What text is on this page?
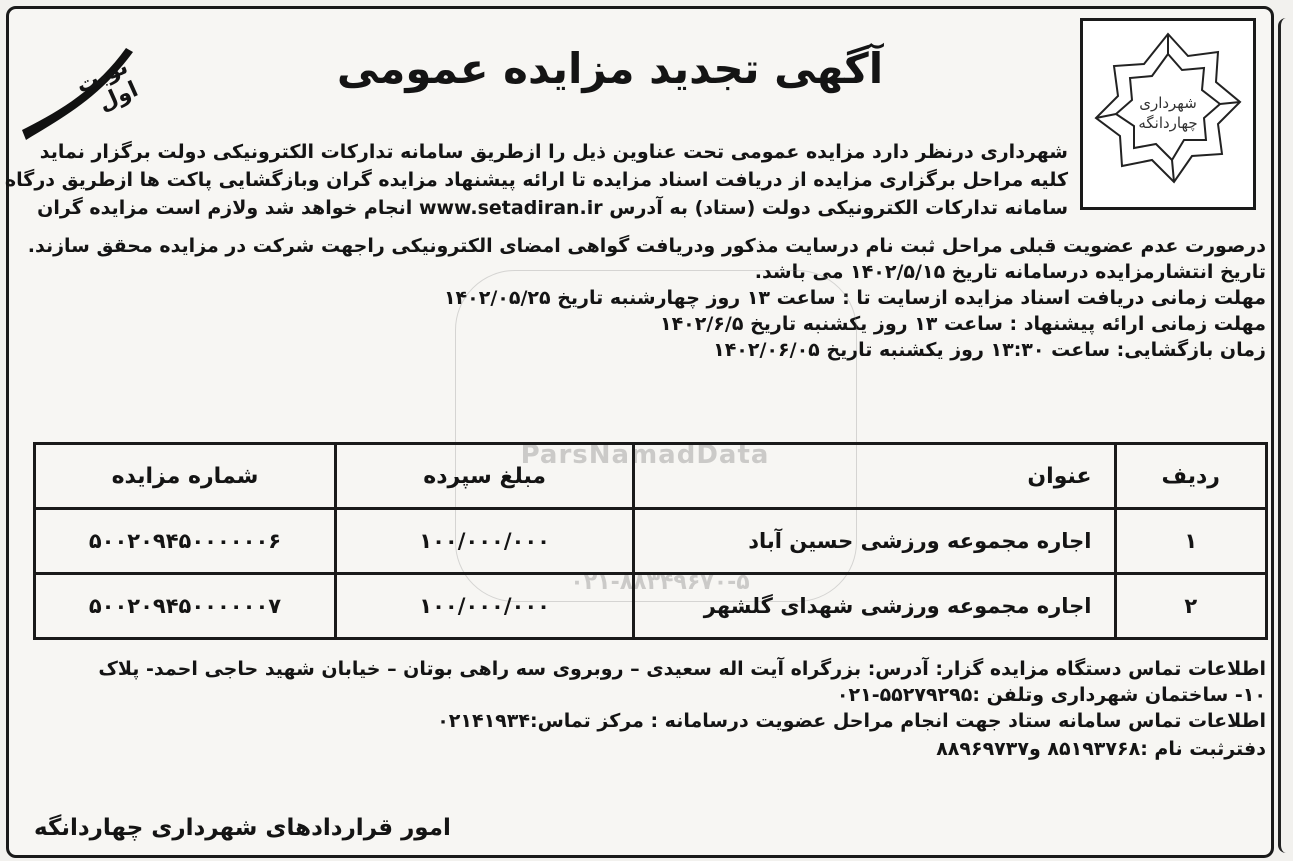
نوبت اول
آگهی تجدید مزایده عمومی
شهرداری
چهاردانگه
شهرداری درنظر دارد مزایده عمومی تحت عناوین ذیل را ازطریق سامانه تدارکات الکترونیکی دولت برگزار نماید
کلیه مراحل برگزاری مزایده از دریافت اسناد مزایده تا ارائه پیشنهاد مزایده گران وبازگشایی پاکت ها ازطریق درگاه
سامانه تدارکات الکترونیکی دولت (ستاد) به آدرس www.setadiran.ir انجام خواهد شد ولازم است مزایده گران
درصورت عدم عضویت قبلی مراحل ثبت نام درسایت مذکور ودریافت گواهی امضای الکترونیکی راجهت شرکت در مزایده محقق سازند.
تاریخ انتشارمزایده درسامانه تاریخ ۱۴۰۲/۵/۱۵ می باشد.
مهلت زمانی دریافت اسناد مزایده ازسایت تا : ساعت ۱۳ روز چهارشنبه تاریخ ۱۴۰۲/۰۵/۲۵
مهلت زمانی ارائه پیشنهاد : ساعت ۱۳ روز یکشنبه تاریخ ۱۴۰۲/۶/۵
زمان بازگشایی: ساعت ۱۳:۳۰ روز یکشنبه تاریخ ۱۴۰۲/۰۶/۰۵
ParsNamadData
۰۲۱-۸۸۳۴۹۶۷۰-۵
ردیف	عنوان	مبلغ سپرده	شماره مزایده
۱	اجاره مجموعه ورزشی حسین آباد	۱۰۰/۰۰۰/۰۰۰	۵۰۰۲۰۹۴۵۰۰۰۰۰۰۶
۲	اجاره مجموعه ورزشی شهدای گلشهر	۱۰۰/۰۰۰/۰۰۰	۵۰۰۲۰۹۴۵۰۰۰۰۰۰۷
اطلاعات تماس دستگاه مزایده گزار: آدرس: بزرگراه آیت اله سعیدی – روبروی سه راهی بوتان – خیابان شهید حاجی احمد- پلاک
۱۰- ساختمان شهرداری وتلفن :۵۵۲۷۹۲۹۵-۰۲۱
اطلاعات تماس سامانه ستاد جهت انجام مراحل عضویت درسامانه : مرکز تماس:۰۲۱۴۱۹۳۴
دفترثبت نام :۸۵۱۹۳۷۶۸ و۸۸۹۶۹۷۳۷
امور قراردادهای شهرداری چهاردانگه
